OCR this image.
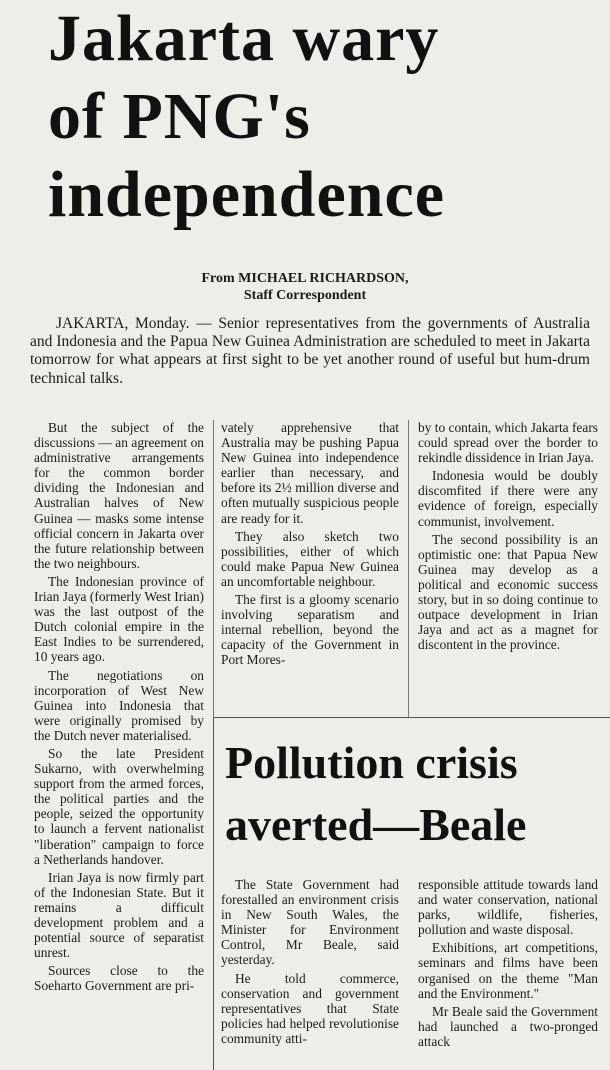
Jakarta wary
of PNG's
independence
From MICHAEL RICHARDSON,
Staff Correspondent

JAKARTA, Monday. — Senior representatives from the governments of Australia and Indonesia and the Papua New Guinea Administration are scheduled to meet in Jakarta tomorrow for what appears at first sight to be yet another round of useful but hum-drum technical talks.

But the subject of the discussions — an agreement on administrative arrangements for the common border dividing the Indonesian and Australian halves of New Guinea — masks some intense official concern in Jakarta over the future relationship between the two neighbours.

The Indonesian province of Irian Jaya (formerly West Irian) was the last outpost of the Dutch colonial empire in the East Indies to be surrendered, 10 years ago.

The negotiations on incorporation of West New Guinea into Indonesia that were originally promised by the Dutch never materialised.

So the late President Sukarno, with overwhelming support from the armed forces, the political parties and the people, seized the opportunity to launch a fervent nationalist "liberation" campaign to force a Netherlands handover.

Irian Jaya is now firmly part of the Indonesian State. But it remains a difficult development problem and a potential source of separatist unrest.

Sources close to the Soeharto Government are pri-

vately apprehensive that Australia may be pushing Papua New Guinea into independence earlier than necessary, and before its 2½ million diverse and often mutually suspicious people are ready for it.

They also sketch two possibilities, either of which could make Papua New Guinea an uncomfortable neighbour.

The first is a gloomy scenario involving separatism and internal rebellion, beyond the capacity of the Government in Port Mores-

by to contain, which Jakarta fears could spread over the border to rekindle dissidence in Irian Jaya.

Indonesia would be doubly discomfited if there were any evidence of foreign, especially communist, involvement.

The second possibility is an optimistic one: that Papua New Guinea may develop as a political and economic success story, but in so doing continue to outpace development in Irian Jaya and act as a magnet for discontent in the province.

Pollution crisis
averted—Beale

The State Government had forestalled an environment crisis in New South Wales, the Minister for Environment Control, Mr Beale, said yesterday.

He told commerce, conservation and government representatives that State policies had helped revolutionise community atti-

responsible attitude towards land and water conservation, national parks, wildlife, fisheries, pollution and waste disposal.

Exhibitions, art competitions, seminars and films have been organised on the theme "Man and the Environment."

Mr Beale said the Government had launched a two-pronged attack
